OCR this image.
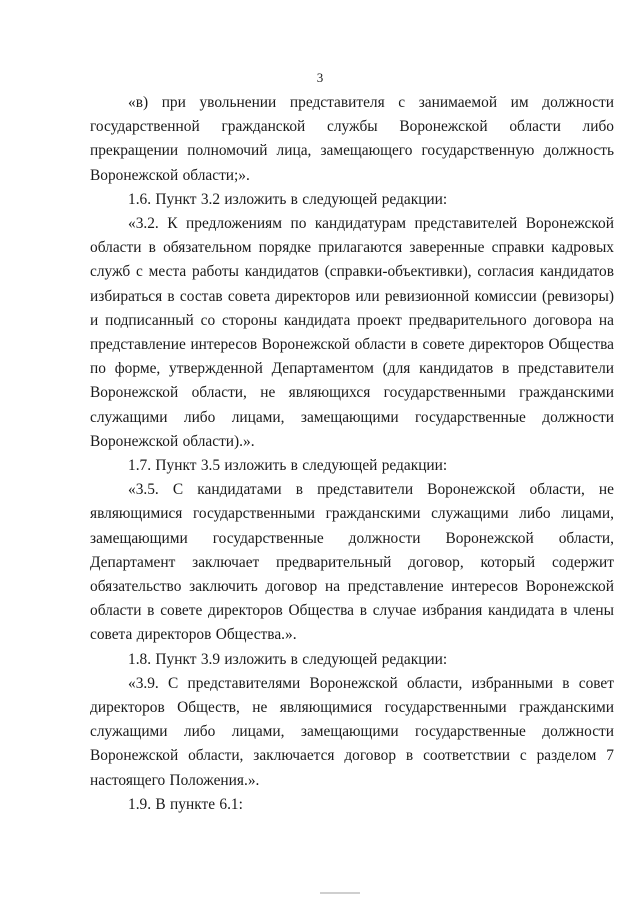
3

«в) при увольнении представителя с занимаемой им должности государственной гражданской службы Воронежской области либо прекращении полномочий лица, замещающего государственную должность Воронежской области;».

1.6. Пункт 3.2 изложить в следующей редакции:

«3.2. К предложениям по кандидатурам представителей Воронежской области в обязательном порядке прилагаются заверенные справки кадровых служб с места работы кандидатов (справки-объективки), согласия кандидатов избираться в состав совета директоров или ревизионной комиссии (ревизоры) и подписанный со стороны кандидата проект предварительного договора на представление интересов Воронежской области в совете директоров Общества по форме, утвержденной Департаментом (для кандидатов в представители Воронежской области, не являющихся государственными гражданскими служащими либо лицами, замещающими государственные должности Воронежской области).».

1.7. Пункт 3.5 изложить в следующей редакции:

«3.5. С кандидатами в представители Воронежской области, не являющимися государственными гражданскими служащими либо лицами, замещающими государственные должности Воронежской области, Департамент заключает предварительный договор, который содержит обязательство заключить договор на представление интересов Воронежской области в совете директоров Общества в случае избрания кандидата в члены совета директоров Общества.».

1.8. Пункт 3.9 изложить в следующей редакции:

«3.9. С представителями Воронежской области, избранными в совет директоров Обществ, не являющимися государственными гражданскими служащими либо лицами, замещающими государственные должности Воронежской области, заключается договор в соответствии с разделом 7 настоящего Положения.».

1.9. В пункте 6.1:
